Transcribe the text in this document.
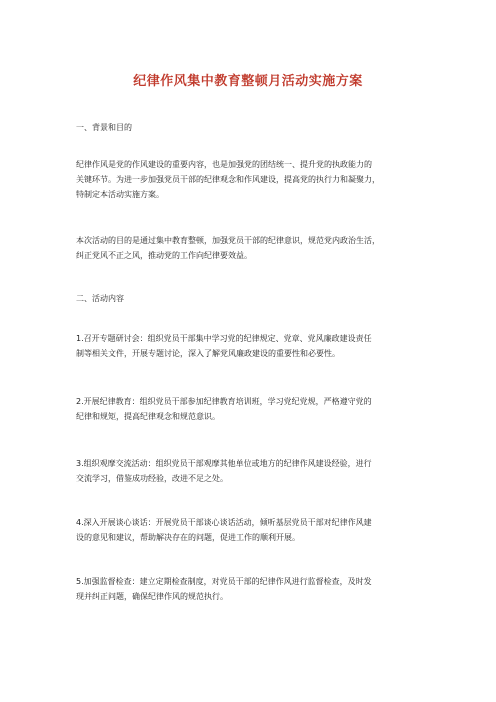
纪律作风集中教育整顿月活动实施方案
一、背景和目的
纪律作风是党的作风建设的重要内容，也是加强党的团结统一、提升党的执政能力的
关键环节。为进一步加强党员干部的纪律观念和作风建设，提高党的执行力和凝聚力，
特制定本活动实施方案。
本次活动的目的是通过集中教育整顿，加强党员干部的纪律意识，规范党内政治生活，
纠正党风不正之风，推动党的工作向纪律要效益。
二、活动内容
1.召开专题研讨会：组织党员干部集中学习党的纪律规定、党章、党风廉政建设责任
制等相关文件，开展专题讨论，深入了解党风廉政建设的重要性和必要性。
2.开展纪律教育：组织党员干部参加纪律教育培训班，学习党纪党规，严格遵守党的
纪律和规矩，提高纪律观念和规范意识。
3.组织观摩交流活动：组织党员干部观摩其他单位或地方的纪律作风建设经验，进行
交流学习，借鉴成功经验，改进不足之处。
4.深入开展谈心谈话：开展党员干部谈心谈话活动，倾听基层党员干部对纪律作风建
设的意见和建议，帮助解决存在的问题，促进工作的顺利开展。
5.加强监督检查：建立定期检查制度，对党员干部的纪律作风进行监督检查，及时发
现并纠正问题，确保纪律作风的规范执行。
